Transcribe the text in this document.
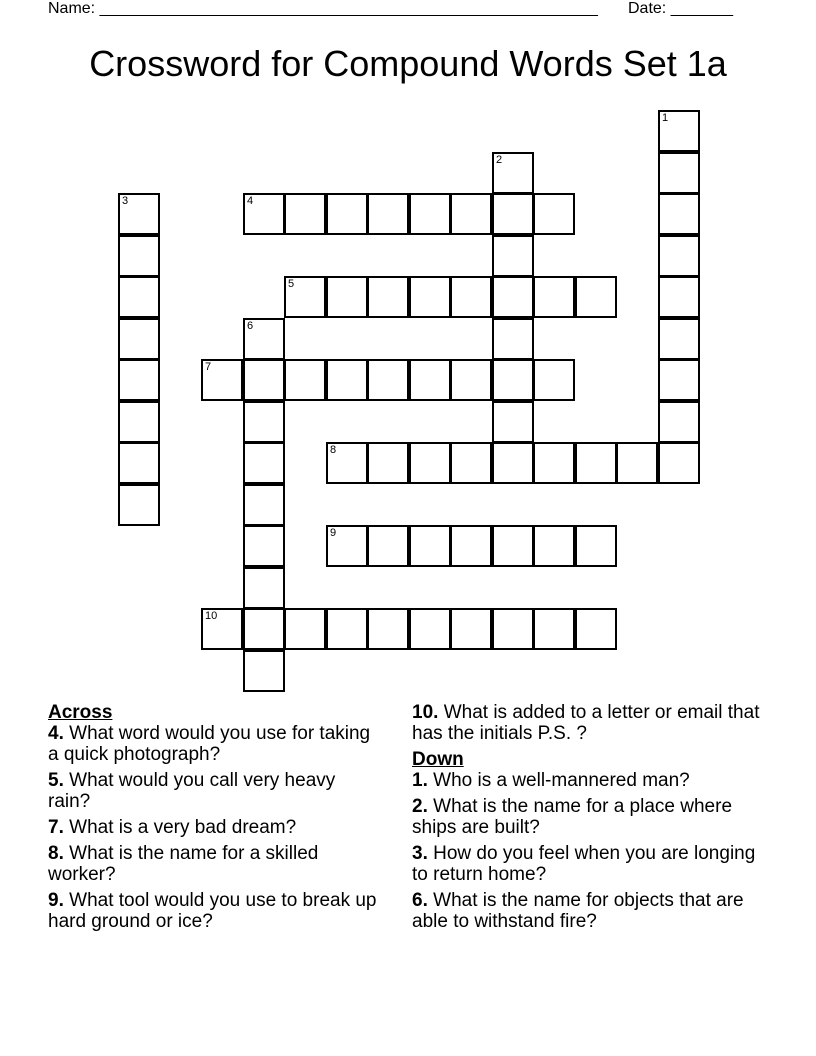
Name: ________________________________________________________ Date: _______
Crossword for Compound Words Set 1a
1
2
3	4
5
6
7
8
9
10

Across

4. What word would you use for taking a quick photograph?

5. What would you call very heavy rain?

7. What is a very bad dream?

8. What is the name for a skilled worker?

9. What tool would you use to break up hard ground or ice?

10. What is added to a letter or email that has the initials P.S. ?

Down

1. Who is a well-mannered man?

2. What is the name for a place where ships are built?

3. How do you feel when you are longing to return home?

6. What is the name for objects that are able to withstand fire?
